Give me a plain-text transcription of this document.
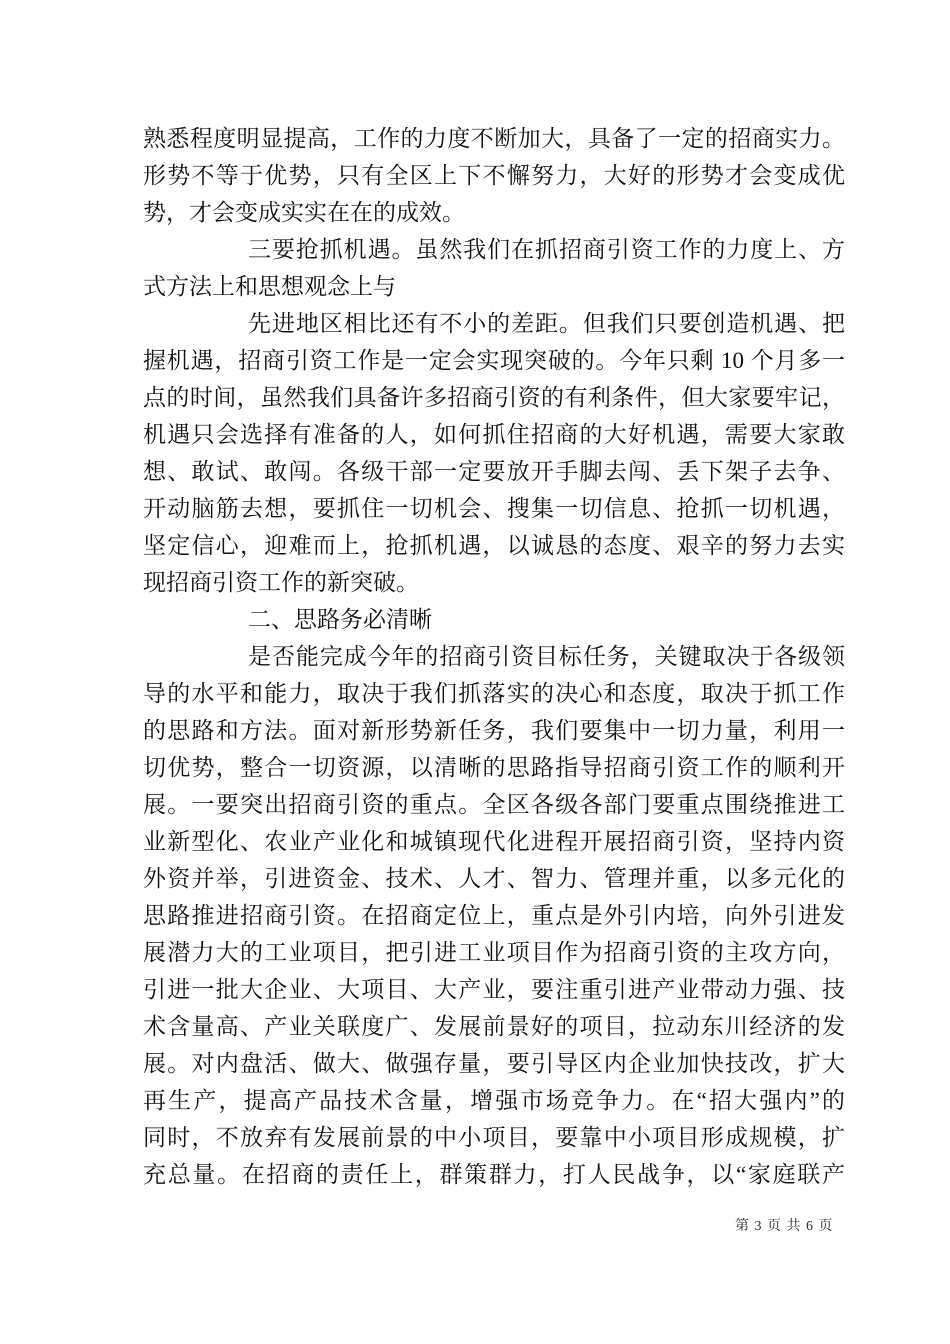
熟悉程度明显提高，工作的力度不断加大，具备了一定的招商实力。
形势不等于优势，只有全区上下不懈努力，大好的形势才会变成优
势，才会变成实实在在的成效。
三要抢抓机遇。虽然我们在抓招商引资工作的力度上、方
式方法上和思想观念上与
先进地区相比还有不小的差距。但我们只要创造机遇、把
握机遇，招商引资工作是一定会实现突破的。今年只剩 10 个月多一
点的时间，虽然我们具备许多招商引资的有利条件，但大家要牢记，
机遇只会选择有准备的人，如何抓住招商的大好机遇，需要大家敢
想、敢试、敢闯。各级干部一定要放开手脚去闯、丢下架子去争、
开动脑筋去想，要抓住一切机会、搜集一切信息、抢抓一切机遇，
坚定信心，迎难而上，抢抓机遇，以诚恳的态度、艰辛的努力去实
现招商引资工作的新突破。
二、思路务必清晰
是否能完成今年的招商引资目标任务，关键取决于各级领
导的水平和能力，取决于我们抓落实的决心和态度，取决于抓工作
的思路和方法。面对新形势新任务，我们要集中一切力量，利用一
切优势，整合一切资源，以清晰的思路指导招商引资工作的顺利开
展。一要突出招商引资的重点。全区各级各部门要重点围绕推进工
业新型化、农业产业化和城镇现代化进程开展招商引资，坚持内资
外资并举，引进资金、技术、人才、智力、管理并重，以多元化的
思路推进招商引资。在招商定位上，重点是外引内培，向外引进发
展潜力大的工业项目，把引进工业项目作为招商引资的主攻方向，
引进一批大企业、大项目、大产业，要注重引进产业带动力强、技
术含量高、产业关联度广、发展前景好的项目，拉动东川经济的发
展。对内盘活、做大、做强存量，要引导区内企业加快技改，扩大
再生产，提高产品技术含量，增强市场竞争力。在“招大强内”的
同时，不放弃有发展前景的中小项目，要靠中小项目形成规模，扩
充总量。在招商的责任上，群策群力，打人民战争，以“家庭联产

第 3 页 共 6 页
